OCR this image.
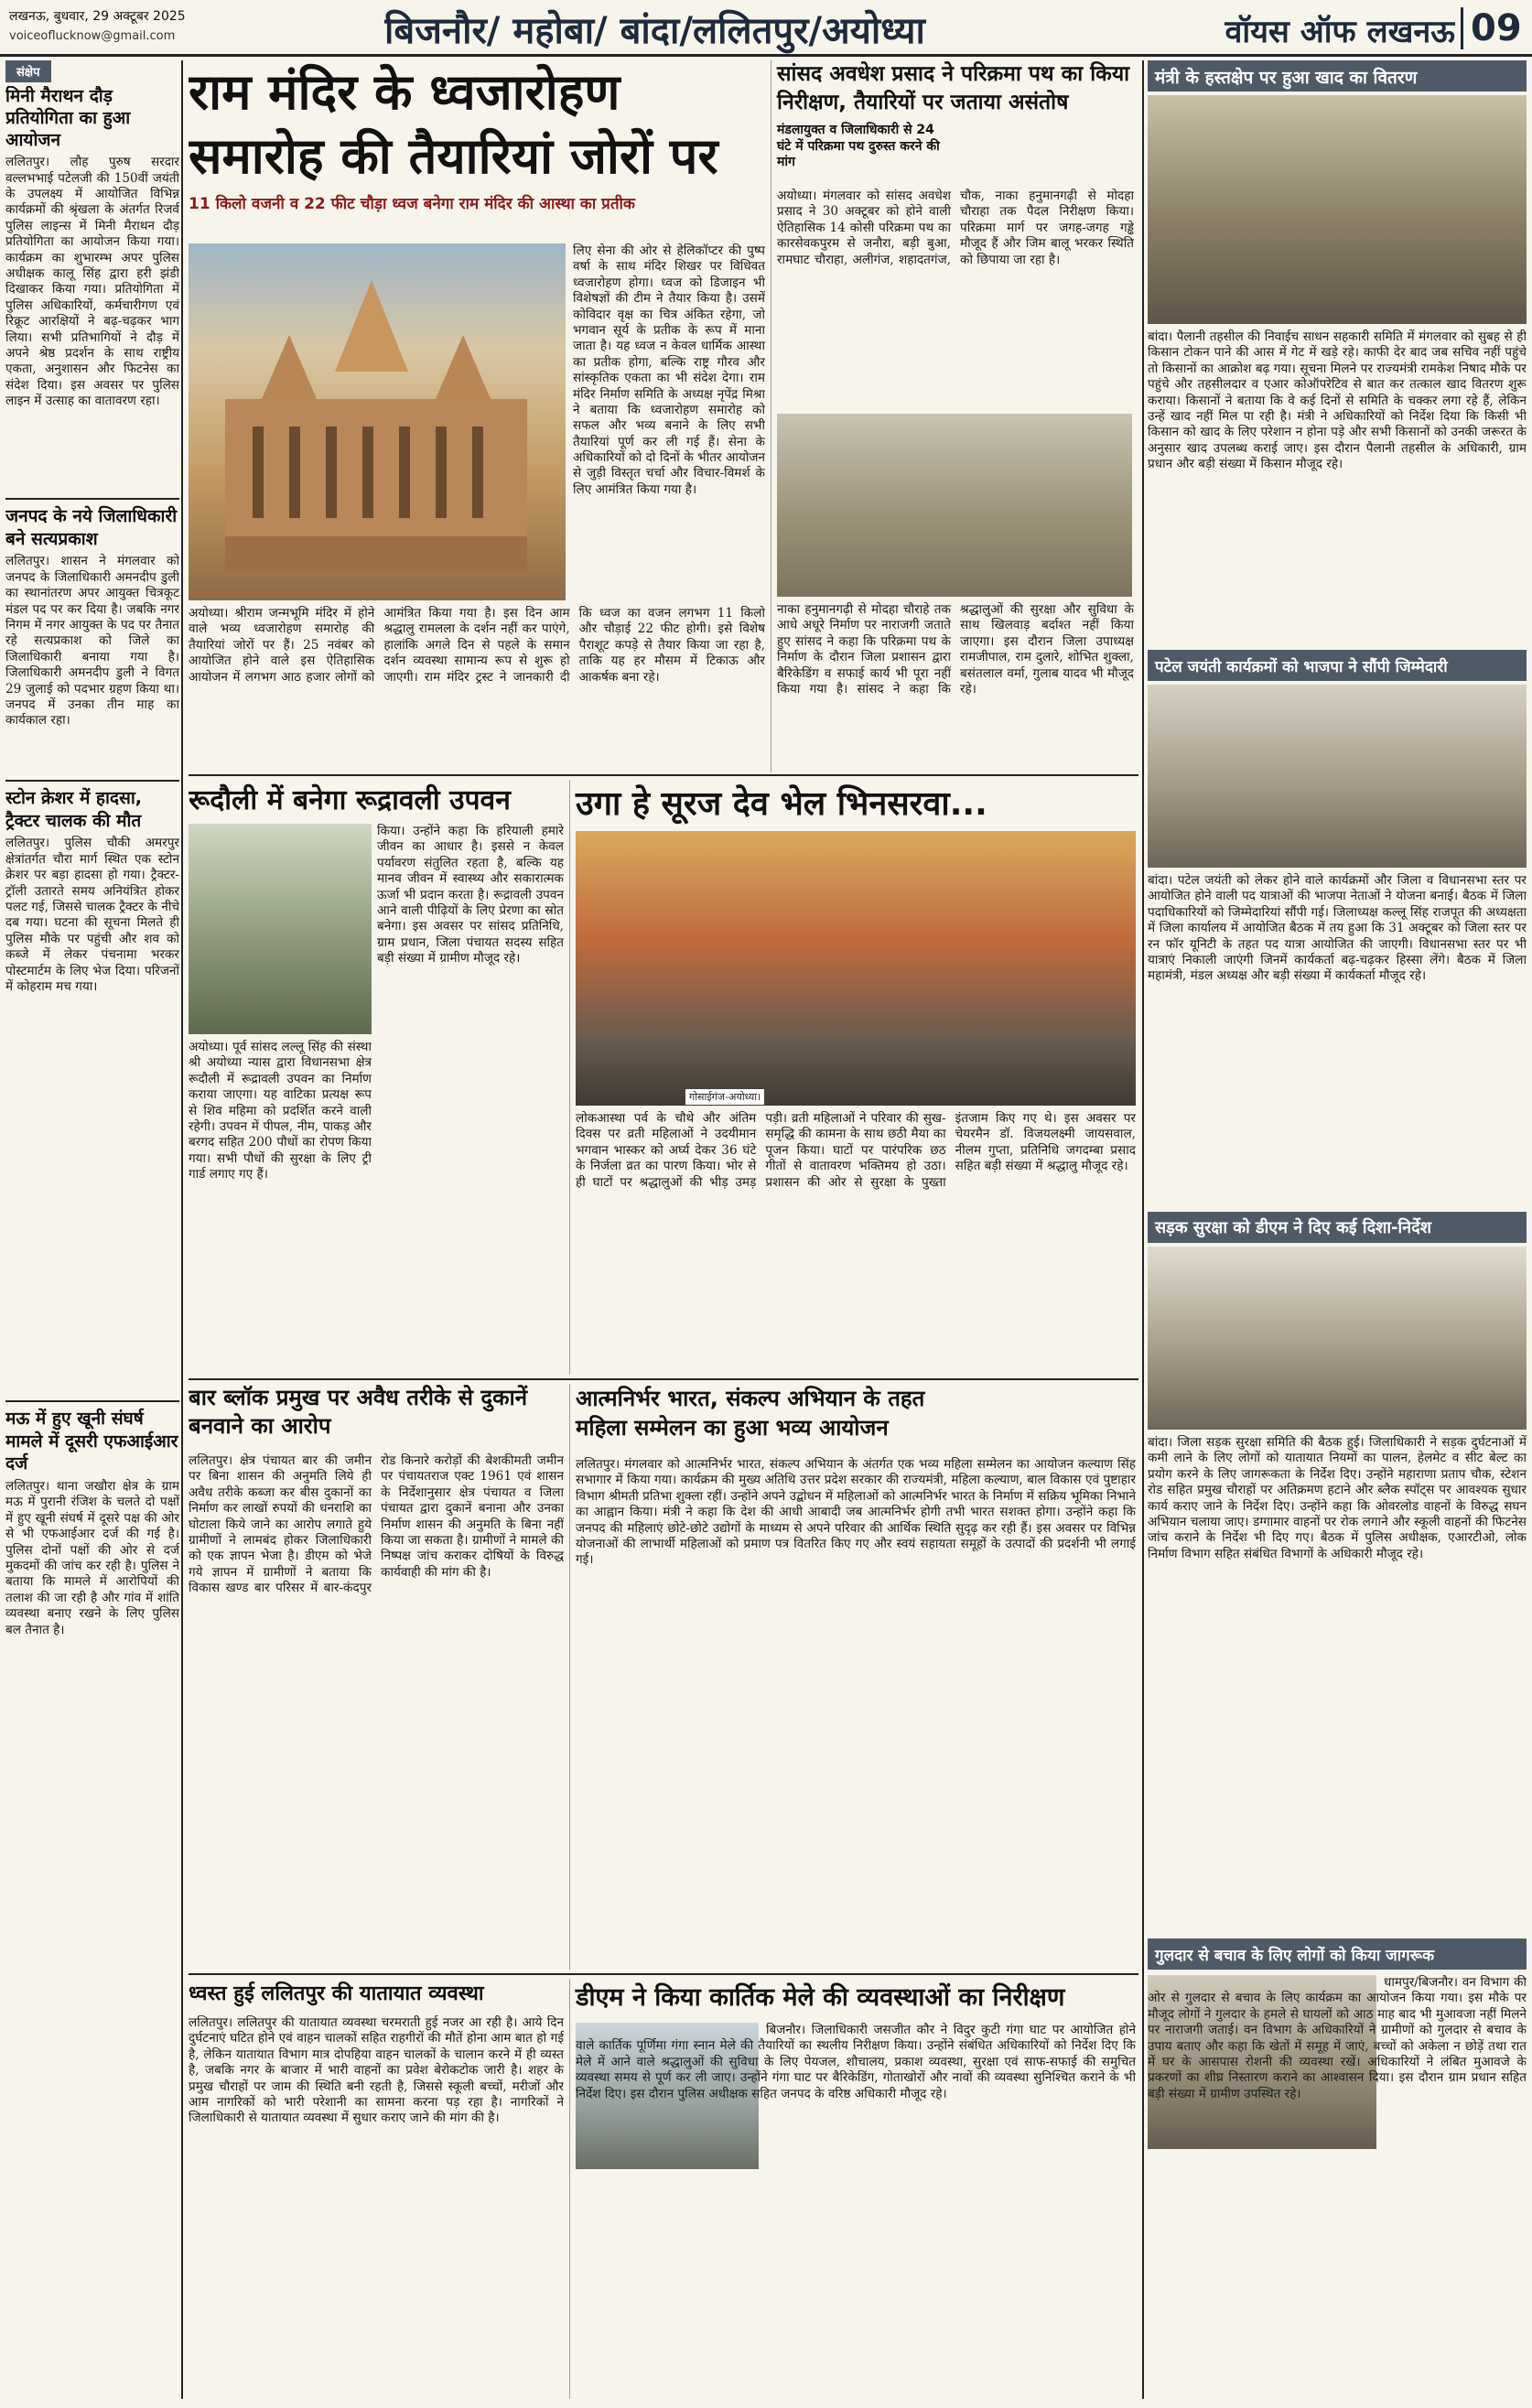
लखनऊ, बुधवार, 29 अक्टूबर 2025
voiceoflucknow@gmail.com	बिजनौर/ महोबा/ बांदा/ललितपुर/अयोध्या	वॉयस ऑफ लखनऊ 09
संक्षेप
मिनी मैराथन दौड़ प्रतियोगिता का हुआ आयोजन
ललितपुर। लौह पुरुष सरदार वल्लभभाई पटेलजी की 150वीं जयंती के उपलक्ष्य में आयोजित विभिन्न कार्यक्रमों की श्रृंखला के अंतर्गत रिजर्व पुलिस लाइन्स में मिनी मैराथन दौड़ प्रतियोगिता का आयोजन किया गया। कार्यक्रम का शुभारम्भ अपर पुलिस अधीक्षक कालू सिंह द्वारा हरी झंडी दिखाकर किया गया। प्रतियोगिता में पुलिस अधिकारियों, कर्मचारीगण एवं रिक्रूट आरक्षियों ने बढ़-चढ़कर भाग लिया। सभी प्रतिभागियों ने दौड़ में अपने श्रेष्ठ प्रदर्शन के साथ राष्ट्रीय एकता, अनुशासन और फिटनेस का संदेश दिया। इस अवसर पर पुलिस लाइन में उत्साह का वातावरण रहा।
जनपद के नये जिलाधिकारी बने सत्यप्रकाश
ललितपुर। शासन ने मंगलवार को जनपद के जिलाधिकारी अमनदीप डुली का स्थानांतरण अपर आयुक्त चित्रकूट मंडल पद पर कर दिया है। जबकि नगर निगम में नगर आयुक्त के पद पर तैनात रहे सत्यप्रकाश को जिले का जिलाधिकारी बनाया गया है। जिलाधिकारी अमनदीप डुली ने विगत 29 जुलाई को पदभार ग्रहण किया था। जनपद में उनका तीन माह का कार्यकाल रहा।
स्टोन क्रेशर में हादसा, ट्रैक्टर चालक की मौत
ललितपुर। पुलिस चौकी अमरपुर क्षेत्रांतर्गत चौरा मार्ग स्थित एक स्टोन क्रेशर पर बड़ा हादसा हो गया। ट्रैक्टर-ट्रॉली उतारते समय अनियंत्रित होकर पलट गई, जिससे चालक ट्रैक्टर के नीचे दब गया। घटना की सूचना मिलते ही पुलिस मौके पर पहुंची और शव को कब्जे में लेकर पंचनामा भरकर पोस्टमार्टम के लिए भेज दिया। परिजनों में कोहराम मच गया।
मऊ में हुए खूनी संघर्ष मामले में दूसरी एफआईआर दर्ज
ललितपुर। थाना जखौरा क्षेत्र के ग्राम मऊ में पुरानी रंजिश के चलते दो पक्षों में हुए खूनी संघर्ष में दूसरे पक्ष की ओर से भी एफआईआर दर्ज की गई है। पुलिस दोनों पक्षों की ओर से दर्ज मुकदमों की जांच कर रही है। पुलिस ने बताया कि मामले में आरोपियों की तलाश की जा रही है और गांव में शांति व्यवस्था बनाए रखने के लिए पुलिस बल तैनात है।
राम मंदिर के ध्वजारोहण
समारोह की तैयारियां जोरों पर
11 किलो वजनी व 22 फीट चौड़ा ध्वज बनेगा राम मंदिर की आस्था का प्रतीक
लिए सेना की ओर से हेलिकॉप्टर की पुष्प वर्षा के साथ मंदिर शिखर पर विधिवत ध्वजारोहण होगा। ध्वज को डिजाइन भी विशेषज्ञों की टीम ने तैयार किया है। उसमें कोविदार वृक्ष का चित्र अंकित रहेगा, जो भगवान सूर्य के प्रतीक के रूप में माना जाता है। यह ध्वज न केवल धार्मिक आस्था का प्रतीक होगा, बल्कि राष्ट्र गौरव और सांस्कृतिक एकता का भी संदेश देगा। राम मंदिर निर्माण समिति के अध्यक्ष नृपेंद्र मिश्रा ने बताया कि ध्वजारोहण समारोह को सफल और भव्य बनाने के लिए सभी तैयारियां पूर्ण कर ली गई हैं। सेना के अधिकारियों को दो दिनों के भीतर आयोजन से जुड़ी विस्तृत चर्चा और विचार-विमर्श के लिए आमंत्रित किया गया है।
अयोध्या। श्रीराम जन्मभूमि मंदिर में होने वाले भव्य ध्वजारोहण समारोह की तैयारियां जोरों पर हैं। 25 नवंबर को आयोजित होने वाले इस ऐतिहासिक आयोजन में लगभग आठ हजार लोगों को आमंत्रित किया गया है। इस दिन आम श्रद्धालु रामलला के दर्शन नहीं कर पाएंगे, हालांकि अगले दिन से पहले के समान दर्शन व्यवस्था सामान्य रूप से शुरू हो जाएगी। राम मंदिर ट्रस्ट ने जानकारी दी कि ध्वज का वजन लगभग 11 किलो और चौड़ाई 22 फीट होगी। इसे विशेष पैराशूट कपड़े से तैयार किया जा रहा है, ताकि यह हर मौसम में टिकाऊ और आकर्षक बना रहे।
सांसद अवधेश प्रसाद ने परिक्रमा पथ का किया
निरीक्षण, तैयारियों पर जताया असंतोष
मंडलायुक्त व जिलाधिकारी से 24 घंटे में परिक्रमा पथ दुरुस्त करने की मांग
अयोध्या। मंगलवार को सांसद अवधेश प्रसाद ने 30 अक्टूबर को होने वाली ऐतिहासिक 14 कोसी परिक्रमा पथ का कारसेवकपुरम से जनौरा, बड़ी बुआ, रामघाट चौराहा, अलीगंज, शहादतगंज, चौक, नाका हनुमानगढ़ी से मोदहा चौराहा तक पैदल निरीक्षण किया। परिक्रमा मार्ग पर जगह-जगह गड्ढे मौजूद हैं और जिम बालू भरकर स्थिति को छिपाया जा रहा है।
नाका हनुमानगढ़ी से मोदहा चौराहे तक आधे अधूरे निर्माण पर नाराजगी जताते हुए सांसद ने कहा कि परिक्रमा पथ के निर्माण के दौरान जिला प्रशासन द्वारा बैरिकेडिंग व सफाई कार्य भी पूरा नहीं किया गया है। सांसद ने कहा कि श्रद्धालुओं की सुरक्षा और सुविधा के साथ खिलवाड़ बर्दाश्त नहीं किया जाएगा। इस दौरान जिला उपाध्यक्ष रामजीपाल, राम दुलारे, शोभित शुक्ला, बसंतलाल वर्मा, गुलाब यादव भी मौजूद रहे।
मंत्री के हस्तक्षेप पर हुआ खाद का वितरण
बांदा। पैलानी तहसील की निवाईच साधन सहकारी समिति में मंगलवार को सुबह से ही किसान टोकन पाने की आस में गेट में खड़े रहे। काफी देर बाद जब सचिव नहीं पहुंचे तो किसानों का आक्रोश बढ़ गया। सूचना मिलने पर राज्यमंत्री रामकेश निषाद मौके पर पहुंचे और तहसीलदार व एआर कोऑपरेटिव से बात कर तत्काल खाद वितरण शुरू कराया। किसानों ने बताया कि वे कई दिनों से समिति के चक्कर लगा रहे हैं, लेकिन उन्हें खाद नहीं मिल पा रही है। मंत्री ने अधिकारियों को निर्देश दिया कि किसी भी किसान को खाद के लिए परेशान न होना पड़े और सभी किसानों को उनकी जरूरत के अनुसार खाद उपलब्ध कराई जाए। इस दौरान पैलानी तहसील के अधिकारी, ग्राम प्रधान और बड़ी संख्या में किसान मौजूद रहे।
पटेल जयंती कार्यक्रमों को भाजपा ने सौंपी जिम्मेदारी
बांदा। पटेल जयंती को लेकर होने वाले कार्यक्रमों और जिला व विधानसभा स्तर पर आयोजित होने वाली पद यात्राओं की भाजपा नेताओं ने योजना बनाई। बैठक में जिला पदाधिकारियों को जिम्मेदारियां सौंपी गई। जिलाध्यक्ष कल्लू सिंह राजपूत की अध्यक्षता में जिला कार्यालय में आयोजित बैठक में तय हुआ कि 31 अक्टूबर को जिला स्तर पर रन फॉर यूनिटी के तहत पद यात्रा आयोजित की जाएगी। विधानसभा स्तर पर भी यात्राएं निकाली जाएंगी जिनमें कार्यकर्ता बढ़-चढ़कर हिस्सा लेंगे। बैठक में जिला महामंत्री, मंडल अध्यक्ष और बड़ी संख्या में कार्यकर्ता मौजूद रहे।
सड़क सुरक्षा को डीएम ने दिए कई दिशा-निर्देश
बांदा। जिला सड़क सुरक्षा समिति की बैठक हुई। जिलाधिकारी ने सड़क दुर्घटनाओं में कमी लाने के लिए लोगों को यातायात नियमों का पालन, हेलमेट व सीट बेल्ट का प्रयोग करने के लिए जागरूकता के निर्देश दिए। उन्होंने महाराणा प्रताप चौक, स्टेशन रोड सहित प्रमुख चौराहों पर अतिक्रमण हटाने और ब्लैक स्पॉट्स पर आवश्यक सुधार कार्य कराए जाने के निर्देश दिए। उन्होंने कहा कि ओवरलोड वाहनों के विरुद्ध सघन अभियान चलाया जाए। डग्गामार वाहनों पर रोक लगाने और स्कूली वाहनों की फिटनेस जांच कराने के निर्देश भी दिए गए। बैठक में पुलिस अधीक्षक, एआरटीओ, लोक निर्माण विभाग सहित संबंधित विभागों के अधिकारी मौजूद रहे।
गुलदार से बचाव के लिए लोगों को किया जागरूक
धामपुर/बिजनौर। वन विभाग की ओर से गुलदार से बचाव के लिए कार्यक्रम का आयोजन किया गया। इस मौके पर मौजूद लोगों ने गुलदार के हमले से घायलों को आठ माह बाद भी मुआवजा नहीं मिलने पर नाराजगी जताई। वन विभाग के अधिकारियों ने ग्रामीणों को गुलदार से बचाव के उपाय बताए और कहा कि खेतों में समूह में जाएं, बच्चों को अकेला न छोड़ें तथा रात में घर के आसपास रोशनी की व्यवस्था रखें। अधिकारियों ने लंबित मुआवजे के प्रकरणों का शीघ्र निस्तारण कराने का आश्वासन दिया। इस दौरान ग्राम प्रधान सहित बड़ी संख्या में ग्रामीण उपस्थित रहे।
रूदौली में बनेगा रूद्रावली उपवन
किया। उन्होंने कहा कि हरियाली हमारे जीवन का आधार है। इससे न केवल पर्यावरण संतुलित रहता है, बल्कि यह मानव जीवन में स्वास्थ्य और सकारात्मक ऊर्जा भी प्रदान करता है। रूद्रावली उपवन आने वाली पीढ़ियों के लिए प्रेरणा का स्रोत बनेगा। इस अवसर पर सांसद प्रतिनिधि, ग्राम प्रधान, जिला पंचायत सदस्य सहित बड़ी संख्या में ग्रामीण मौजूद रहे।
अयोध्या। पूर्व सांसद लल्लू सिंह की संस्था श्री अयोध्या न्यास द्वारा विधानसभा क्षेत्र रूदौली में रूद्रावली उपवन का निर्माण कराया जाएगा। यह वाटिका प्रत्यक्ष रूप से शिव महिमा को प्रदर्शित करने वाली रहेगी। उपवन में पीपल, नीम, पाकड़ और बरगद सहित 200 पौधों का रोपण किया गया। सभी पौधों की सुरक्षा के लिए ट्री गार्ड लगाए गए हैं।
उगा हे सूरज देव भेल भिनसरवा...
गोसाईगंज-अयोध्या।
लोकआस्था पर्व के चौथे और अंतिम दिवस पर व्रती महिलाओं ने उदयीमान भगवान भास्कर को अर्घ्य देकर 36 घंटे के निर्जला व्रत का पारण किया। भोर से ही घाटों पर श्रद्धालुओं की भीड़ उमड़ पड़ी। व्रती महिलाओं ने परिवार की सुख-समृद्धि की कामना के साथ छठी मैया का पूजन किया। घाटों पर पारंपरिक छठ गीतों से वातावरण भक्तिमय हो उठा। प्रशासन की ओर से सुरक्षा के पुख्ता इंतजाम किए गए थे। इस अवसर पर चेयरमैन डॉ. विजयलक्ष्मी जायसवाल, नीलम गुप्ता, प्रतिनिधि जगदम्बा प्रसाद सहित बड़ी संख्या में श्रद्धालु मौजूद रहे।
बार ब्लॉक प्रमुख पर अवैध तरीके से दुकानें बनवाने का आरोप
ललितपुर। क्षेत्र पंचायत बार की जमीन पर बिना शासन की अनुमति लिये ही अवैध तरीके कब्जा कर बीस दुकानों का निर्माण कर लाखों रुपयों की धनराशि का घोटाला किये जाने का आरोप लगाते हुये ग्रामीणों ने लामबंद होकर जिलाधिकारी को एक ज्ञापन भेजा है। डीएम को भेजे गये ज्ञापन में ग्रामीणों ने बताया कि विकास खण्ड बार परिसर में बार-कंदपुर रोड किनारे करोड़ों की बेशकीमती जमीन पर पंचायतराज एक्ट 1961 एवं शासन के निर्देशानुसार क्षेत्र पंचायत व जिला पंचायत द्वारा दुकानें बनाना और उनका निर्माण शासन की अनुमति के बिना नहीं किया जा सकता है। ग्रामीणों ने मामले की निष्पक्ष जांच कराकर दोषियों के विरुद्ध कार्यवाही की मांग की है।
आत्मनिर्भर भारत, संकल्प अभियान के तहत
महिला सम्मेलन का हुआ भव्य आयोजन
ललितपुर। मंगलवार को आत्मनिर्भर भारत, संकल्प अभियान के अंतर्गत एक भव्य महिला सम्मेलन का आयोजन कल्याण सिंह सभागार में किया गया। कार्यक्रम की मुख्य अतिथि उत्तर प्रदेश सरकार की राज्यमंत्री, महिला कल्याण, बाल विकास एवं पुष्टाहार विभाग श्रीमती प्रतिभा शुक्ला रहीं। उन्होंने अपने उद्बोधन में महिलाओं को आत्मनिर्भर भारत के निर्माण में सक्रिय भूमिका निभाने का आह्वान किया। मंत्री ने कहा कि देश की आधी आबादी जब आत्मनिर्भर होगी तभी भारत सशक्त होगा। उन्होंने कहा कि जनपद की महिलाएं छोटे-छोटे उद्योगों के माध्यम से अपने परिवार की आर्थिक स्थिति सुदृढ़ कर रही हैं। इस अवसर पर विभिन्न योजनाओं की लाभार्थी महिलाओं को प्रमाण पत्र वितरित किए गए और स्वयं सहायता समूहों के उत्पादों की प्रदर्शनी भी लगाई गई।
ध्वस्त हुई ललितपुर की यातायात व्यवस्था
ललितपुर। ललितपुर की यातायात व्यवस्था चरमराती हुई नजर आ रही है। आये दिन दुर्घटनाएं घटित होने एवं वाहन चालकों सहित राहगीरों की मौतें होना आम बात हो गई है, लेकिन यातायात विभाग मात्र दोपहिया वाहन चालकों के चालान करने में ही व्यस्त है, जबकि नगर के बाजार में भारी वाहनों का प्रवेश बेरोकटोक जारी है। शहर के प्रमुख चौराहों पर जाम की स्थिति बनी रहती है, जिससे स्कूली बच्चों, मरीजों और आम नागरिकों को भारी परेशानी का सामना करना पड़ रहा है। नागरिकों ने जिलाधिकारी से यातायात व्यवस्था में सुधार कराए जाने की मांग की है।
डीएम ने किया कार्तिक मेले की व्यवस्थाओं का निरीक्षण
बिजनौर। जिलाधिकारी जसजीत कौर ने विदुर कुटी गंगा घाट पर आयोजित होने वाले कार्तिक पूर्णिमा गंगा स्नान मेले की तैयारियों का स्थलीय निरीक्षण किया। उन्होंने संबंधित अधिकारियों को निर्देश दिए कि मेले में आने वाले श्रद्धालुओं की सुविधा के लिए पेयजल, शौचालय, प्रकाश व्यवस्था, सुरक्षा एवं साफ-सफाई की समुचित व्यवस्था समय से पूर्ण कर ली जाए। उन्होंने गंगा घाट पर बैरिकेडिंग, गोताखोरों और नावों की व्यवस्था सुनिश्चित कराने के भी निर्देश दिए। इस दौरान पुलिस अधीक्षक सहित जनपद के वरिष्ठ अधिकारी मौजूद रहे।
